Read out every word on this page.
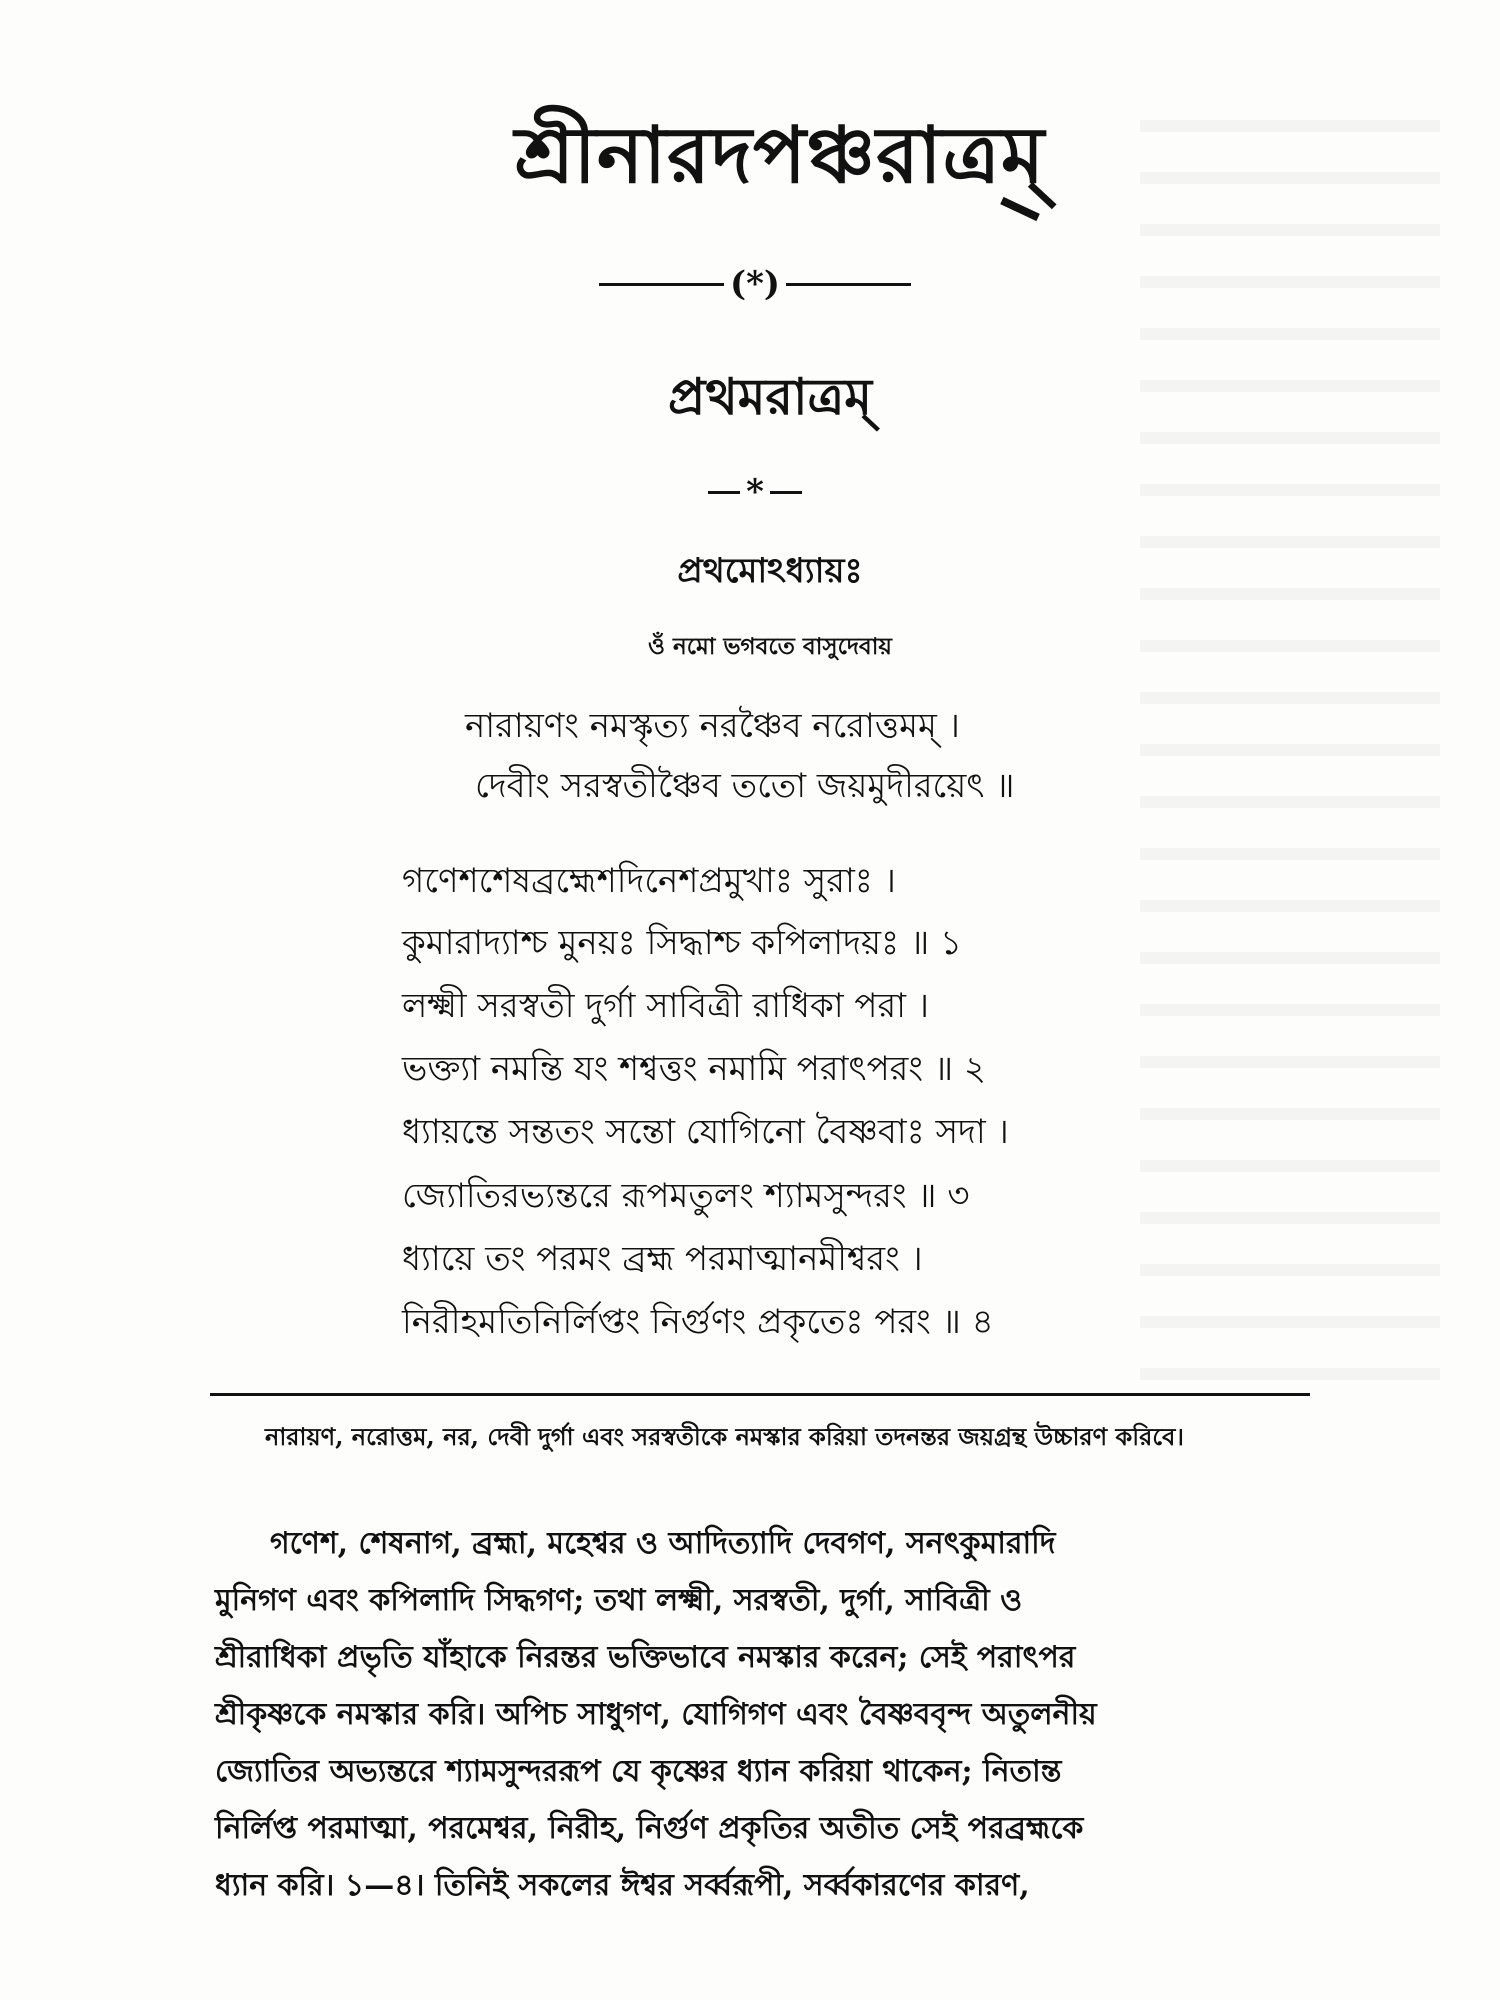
শ্রীনারদপঞ্চরাত্রম্
(*)
প্রথমরাত্রম্
*
প্রথমোঽধ্যায়ঃ
ওঁ নমো ভগবতে বাসুদেবায়
নারায়ণং নমস্কৃত্য নরঞ্চৈব নরোত্তমম্ ।
দেবীং সরস্বতীঞ্চৈব ততো জয়মুদীরয়েৎ ॥
গণেশশেষব্রহ্মেশদিনেশপ্রমুখাঃ সুরাঃ ।
কুমারাদ্যাশ্চ মুনয়ঃ সিদ্ধাশ্চ কপিলাদয়ঃ ॥ ১
লক্ষ্মী সরস্বতী দুর্গা সাবিত্রী রাধিকা পরা ।
ভক্ত্যা নমন্তি যং শশ্বত্তং নমামি পরাৎপরং ॥ ২
ধ্যায়ন্তে সন্ততং সন্তো যোগিনো বৈষ্ণবাঃ সদা ।
জ্যোতিরভ্যন্তরে রূপমতুলং শ্যামসুন্দরং ॥ ৩
ধ্যায়ে তং পরমং ব্রহ্ম পরমাত্মানমীশ্বরং ।
নিরীহমতিনির্লিপ্তং নির্গুণং প্রকৃতেঃ পরং ॥ ৪
নারায়ণ, নরোত্তম, নর, দেবী দুর্গা এবং সরস্বতীকে নমস্কার করিয়া তদনন্তর জয়গ্রন্থ উচ্চারণ করিবে।
গণেশ, শেষনাগ, ব্রহ্মা, মহেশ্বর ও আদিত্যাদি দেবগণ, সনৎকুমারাদি
মুনিগণ এবং কপিলাদি সিদ্ধগণ; তথা লক্ষ্মী, সরস্বতী, দুর্গা, সাবিত্রী ও
শ্রীরাধিকা প্রভৃতি যাঁহাকে নিরন্তর ভক্তিভাবে নমস্কার করেন; সেই পরাৎপর
শ্রীকৃষ্ণকে নমস্কার করি। অপিচ সাধুগণ, যোগিগণ এবং বৈষ্ণববৃন্দ অতুলনীয়
জ্যোতির অভ্যন্তরে শ্যামসুন্দররূপ যে কৃষ্ণের ধ্যান করিয়া থাকেন; নিতান্ত
নির্লিপ্ত পরমাত্মা, পরমেশ্বর, নিরীহ, নির্গুণ প্রকৃতির অতীত সেই পরব্রহ্মকে
ধ্যান করি। ১—৪। তিনিই সকলের ঈশ্বর সর্ব্বরূপী, সর্ব্বকারণের কারণ,
